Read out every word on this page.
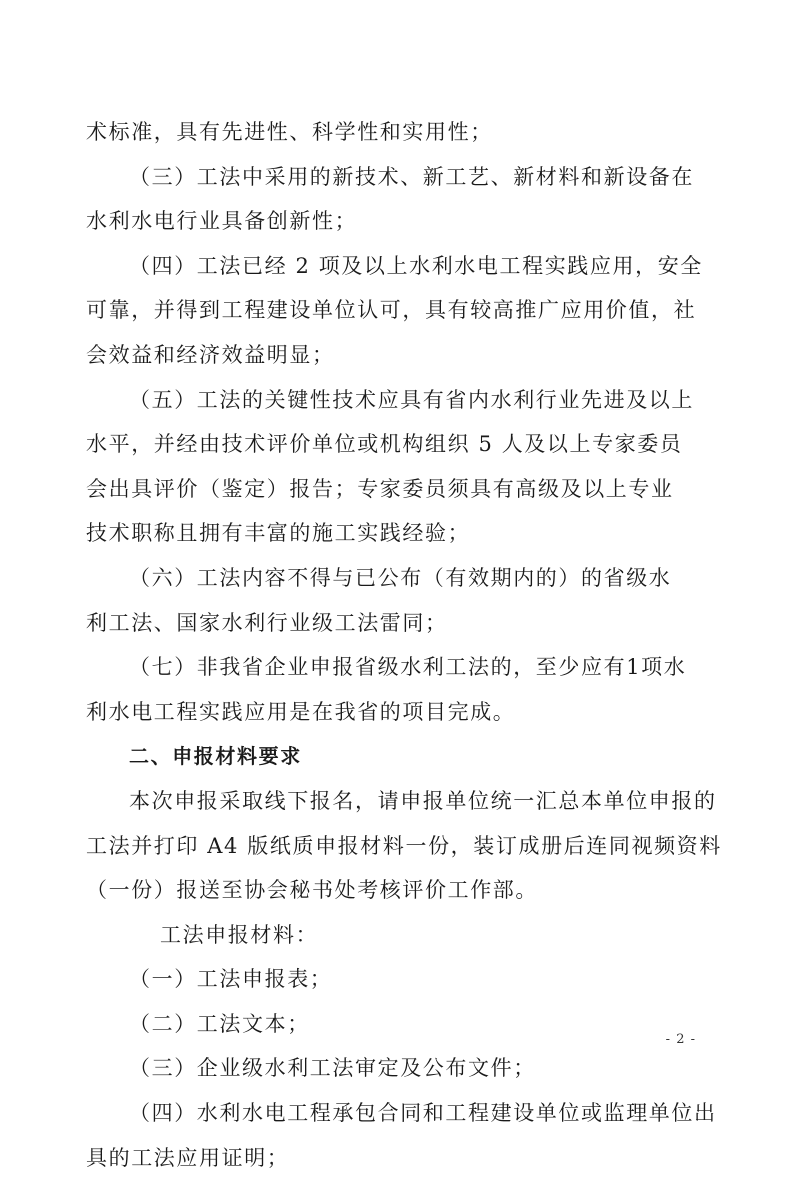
术标准，具有先进性、科学性和实用性；
（三）工法中采用的新技术、新工艺、新材料和新设备在
水利水电行业具备创新性；
（四）工法已经 2 项及以上水利水电工程实践应用，安全
可靠，并得到工程建设单位认可，具有较高推广应用价值，社
会效益和经济效益明显；
（五）工法的关键性技术应具有省内水利行业先进及以上
水平，并经由技术评价单位或机构组织 5 人及以上专家委员
会出具评价（鉴定）报告；专家委员须具有高级及以上专业
技术职称且拥有丰富的施工实践经验；
（六）工法内容不得与已公布（有效期内的）的省级水
利工法、国家水利行业级工法雷同；
（七）非我省企业申报省级水利工法的，至少应有1项水
利水电工程实践应用是在我省的项目完成。
二、申报材料要求
本次申报采取线下报名，请申报单位统一汇总本单位申报的
工法并打印 A4 版纸质申报材料一份，装订成册后连同视频资料
（一份）报送至协会秘书处考核评价工作部。
工法申报材料：
（一）工法申报表；
（二）工法文本；
（三）企业级水利工法审定及公布文件；
（四）水利水电工程承包合同和工程建设单位或监理单位出
具的工法应用证明；
- 2 -
